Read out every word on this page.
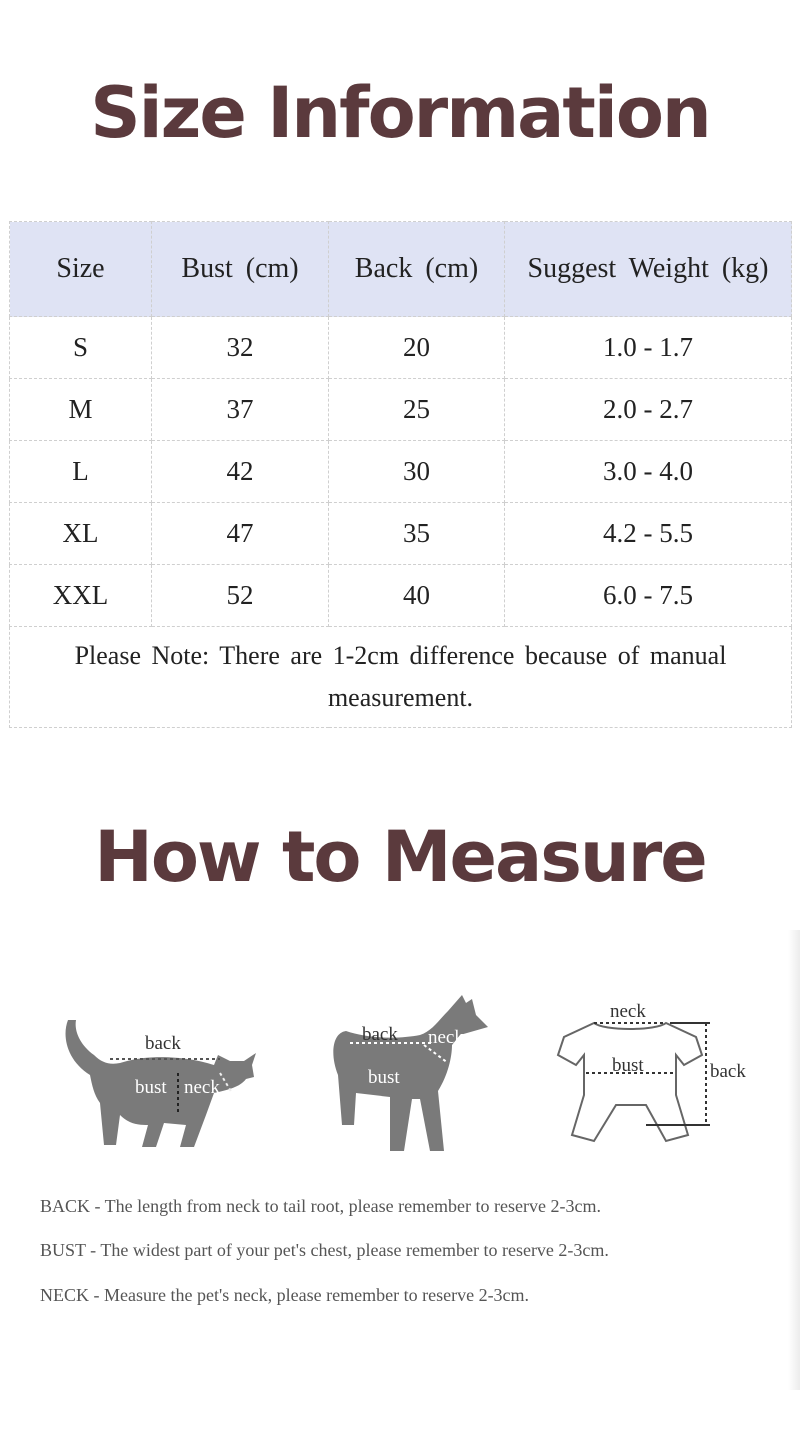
Size Information
Size	Bust (cm)	Back (cm)	Suggest Weight (kg)
S	32	20	1.0 - 1.7
M	37	25	2.0 - 2.7
L	42	30	3.0 - 4.0
XL	47	35	4.2 - 5.5
XXL	52	40	6.0 - 7.5
Please Note: There are 1-2cm difference because of manual measurement.			
How to Measure
back
bust neck
back
bust
neck
neck
bust	back
BACK - The length from neck to tail root, please remember to reserve 2-3cm.
BUST - The widest part of your pet's chest, please remember to reserve 2-3cm.
NECK - Measure the pet's neck, please remember to reserve 2-3cm.
